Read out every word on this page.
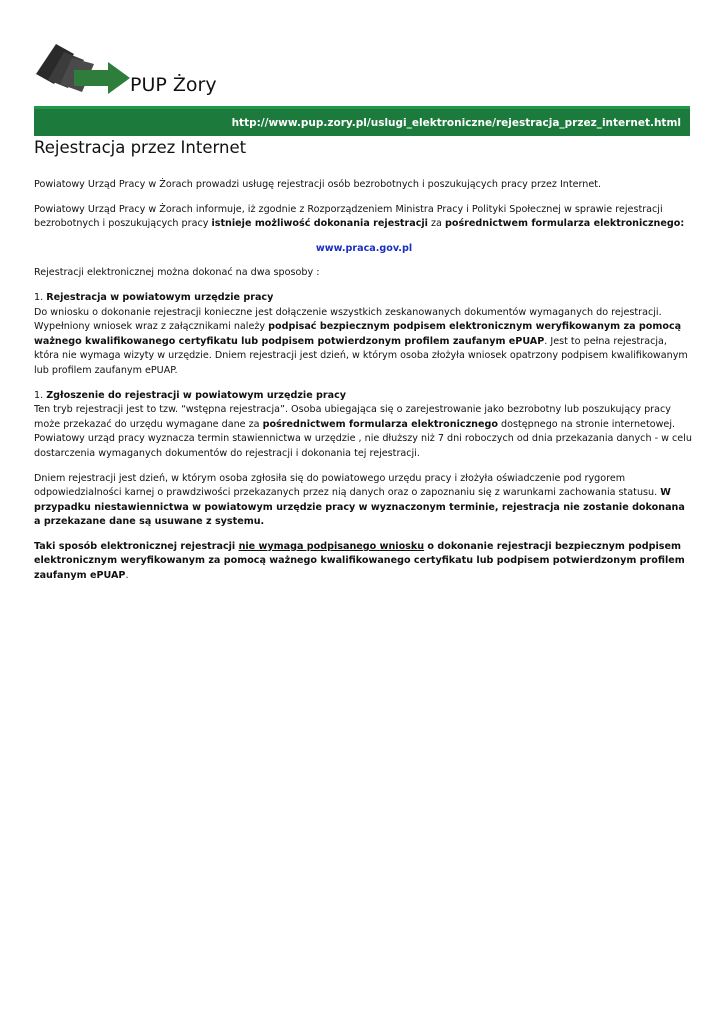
PUP Żory
http://www.pup.zory.pl/uslugi_elektroniczne/rejestracja_przez_internet.html
Rejestracja przez Internet

Powiatowy Urząd Pracy w Żorach prowadzi usługę rejestracji osób bezrobotnych i poszukujących pracy przez Internet.

Powiatowy Urząd Pracy w Żorach informuje, iż zgodnie z Rozporządzeniem Ministra Pracy i Polityki Społecznej w sprawie rejestracji bezrobotnych i poszukujących pracy istnieje możliwość dokonania rejestracji za pośrednictwem formularza elektronicznego:

www.praca.gov.pl

Rejestracji elektronicznej można dokonać na dwa sposoby :

1. Rejestracja w powiatowym urzędzie pracy
Do wniosku o dokonanie rejestracji konieczne jest dołączenie wszystkich zeskanowanych dokumentów wymaganych do rejestracji. Wypełniony wniosek wraz z załącznikami należy podpisać bezpiecznym podpisem elektronicznym weryfikowanym za pomocą ważnego kwalifikowanego certyfikatu lub podpisem potwierdzonym profilem zaufanym ePUAP. Jest to pełna rejestracja, która nie wymaga wizyty w urzędzie. Dniem rejestracji jest dzień, w którym osoba złożyła wniosek opatrzony podpisem kwalifikowanym lub profilem zaufanym ePUAP.

1. Zgłoszenie do rejestracji w powiatowym urzędzie pracy
Ten tryb rejestracji jest to tzw. “wstępna rejestracja”. Osoba ubiegająca się o zarejestrowanie jako bezrobotny lub poszukujący pracy może przekazać do urzędu wymagane dane za pośrednictwem formularza elektronicznego dostępnego na stronie internetowej. Powiatowy urząd pracy wyznacza termin stawiennictwa w urzędzie , nie dłuższy niż 7 dni roboczych od dnia przekazania danych - w celu dostarczenia wymaganych dokumentów do rejestracji i dokonania tej rejestracji.

Dniem rejestracji jest dzień, w którym osoba zgłosiła się do powiatowego urzędu pracy i złożyła oświadczenie pod rygorem odpowiedzialności karnej o prawdziwości przekazanych przez nią danych oraz o zapoznaniu się z warunkami zachowania statusu. W przypadku niestawiennictwa w powiatowym urzędzie pracy w wyznaczonym terminie, rejestracja nie zostanie dokonana a przekazane dane są usuwane z systemu.

Taki sposób elektronicznej rejestracji nie wymaga podpisanego wniosku o dokonanie rejestracji bezpiecznym podpisem elektronicznym weryfikowanym za pomocą ważnego kwalifikowanego certyfikatu lub podpisem potwierdzonym profilem zaufanym ePUAP.
